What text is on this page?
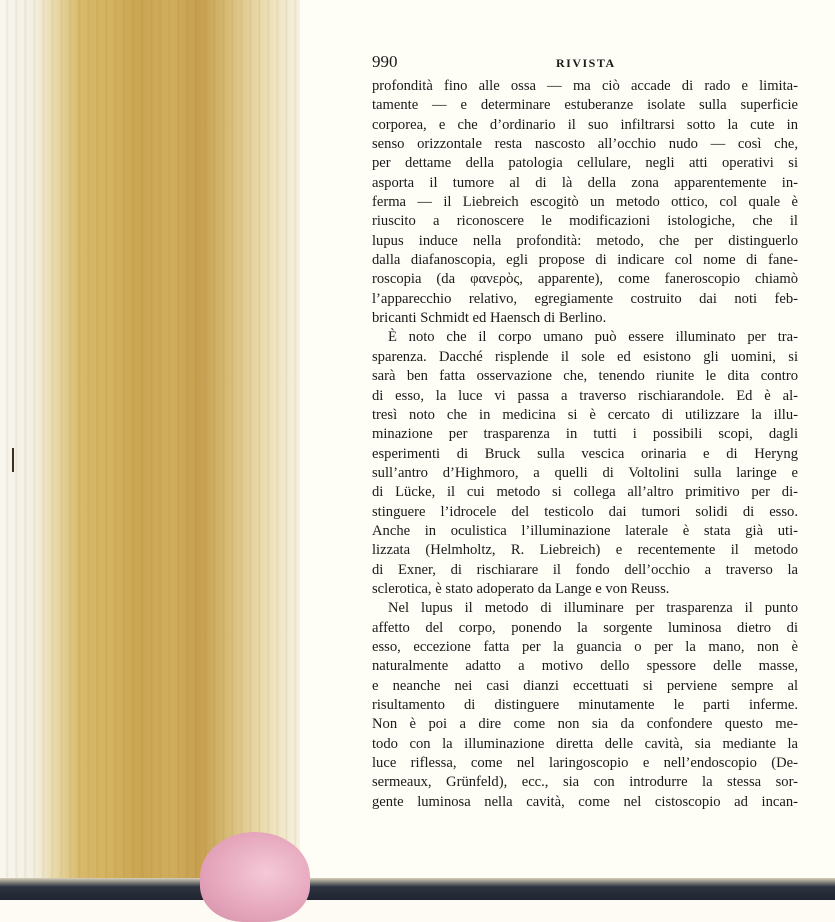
990	RIVISTA
profondità fino alle ossa — ma ciò accade di rado e limita-
tamente — e determinare estuberanze isolate sulla superficie
corporea, e che d’ordinario il suo infiltrarsi sotto la cute in
senso orizzontale resta nascosto all’occhio nudo — così che,
per dettame della patologia cellulare, negli atti operativi si
asporta il tumore al di là della zona apparentemente in-
ferma — il Liebreich escogitò un metodo ottico, col quale è
riuscito a riconoscere le modificazioni istologiche, che il
lupus induce nella profondità: metodo, che per distinguerlo
dalla diafanoscopia, egli propose di indicare col nome di fane-
roscopia (da φανερὸς, apparente), come faneroscopio chiamò
l’apparecchio relativo, egregiamente costruito dai noti feb-
bricanti Schmidt ed Haensch di Berlino.
È noto che il corpo umano può essere illuminato per tra-
sparenza. Dacché risplende il sole ed esistono gli uomini, si
sarà ben fatta osservazione che, tenendo riunite le dita contro
di esso, la luce vi passa a traverso rischiarandole. Ed è al-
tresì noto che in medicina si è cercato di utilizzare la illu-
minazione per trasparenza in tutti i possibili scopi, dagli
esperimenti di Bruck sulla vescica orinaria e di Heryng
sull’antro d’Highmoro, a quelli di Voltolini sulla laringe e
di Lücke, il cui metodo si collega all’altro primitivo per di-
stinguere l’idrocele del testicolo dai tumori solidi di esso.
Anche in oculistica l’illuminazione laterale è stata già uti-
lizzata (Helmholtz, R. Liebreich) e recentemente il metodo
di Exner, di rischiarare il fondo dell’occhio a traverso la
sclerotica, è stato adoperato da Lange e von Reuss.
Nel lupus il metodo di illuminare per trasparenza il punto
affetto del corpo, ponendo la sorgente luminosa dietro di
esso, eccezione fatta per la guancia o per la mano, non è
naturalmente adatto a motivo dello spessore delle masse,
e neanche nei casi dianzi eccettuati si perviene sempre al
risultamento di distinguere minutamente le parti inferme.
Non è poi a dire come non sia da confondere questo me-
todo con la illuminazione diretta delle cavità, sia mediante la
luce riflessa, come nel laringoscopio e nell’endoscopio (De-
sermeaux, Grünfeld), ecc., sia con introdurre la stessa sor-
gente luminosa nella cavità, come nel cistoscopio ad incan-
